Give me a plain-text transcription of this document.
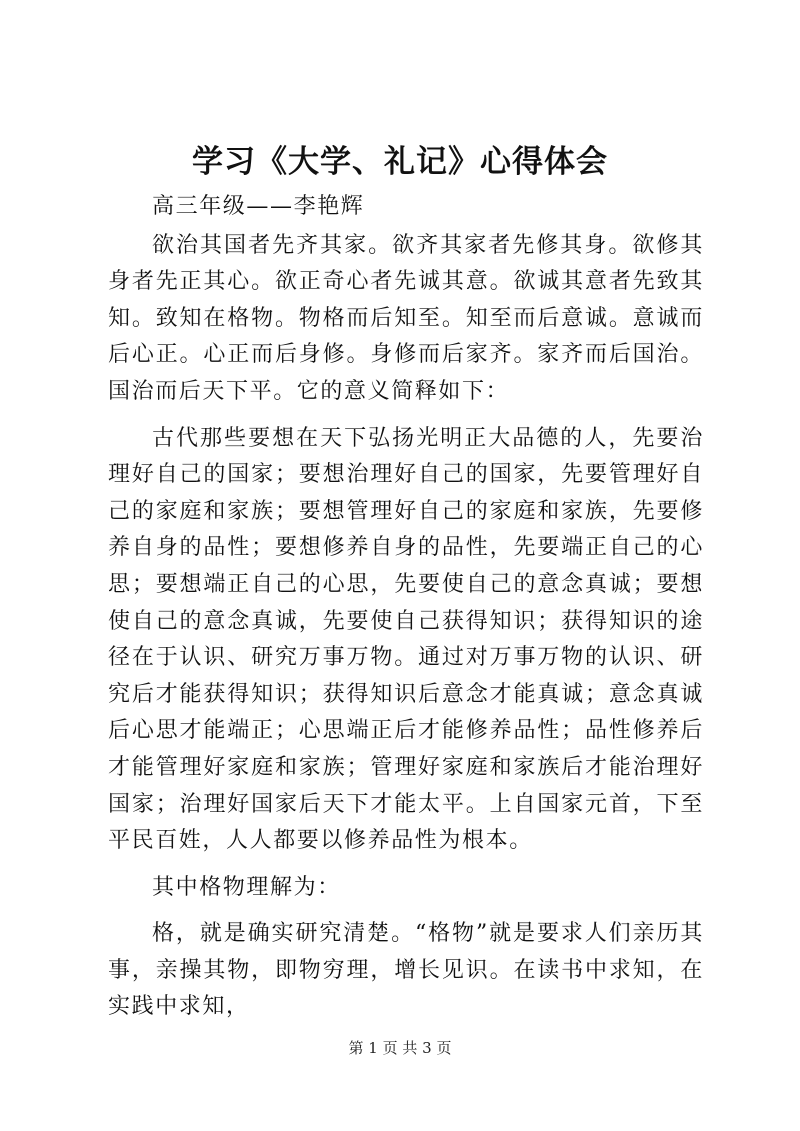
学习《大学、礼记》心得体会

高三年级——李艳辉

欲治其国者先齐其家。欲齐其家者先修其身。欲修其身者先正其心。欲正奇心者先诚其意。欲诚其意者先致其知。致知在格物。物格而后知至。知至而后意诚。意诚而后心正。心正而后身修。身修而后家齐。家齐而后国治。国治而后天下平。它的意义简释如下：

古代那些要想在天下弘扬光明正大品德的人，先要治理好自己的国家；要想治理好自己的国家，先要管理好自己的家庭和家族；要想管理好自己的家庭和家族，先要修养自身的品性；要想修养自身的品性，先要端正自己的心思；要想端正自己的心思，先要使自己的意念真诚；要想使自己的意念真诚，先要使自己获得知识；获得知识的途径在于认识、研究万事万物。通过对万事万物的认识、研究后才能获得知识；获得知识后意念才能真诚；意念真诚后心思才能端正；心思端正后才能修养品性；品性修养后才能管理好家庭和家族；管理好家庭和家族后才能治理好国家；治理好国家后天下才能太平。上自国家元首，下至平民百姓，人人都要以修养品性为根本。

其中格物理解为：

格，就是确实研究清楚。“格物”就是要求人们亲历其事，亲操其物，即物穷理，增长见识。在读书中求知，在实践中求知，

第 1 页 共 3 页
